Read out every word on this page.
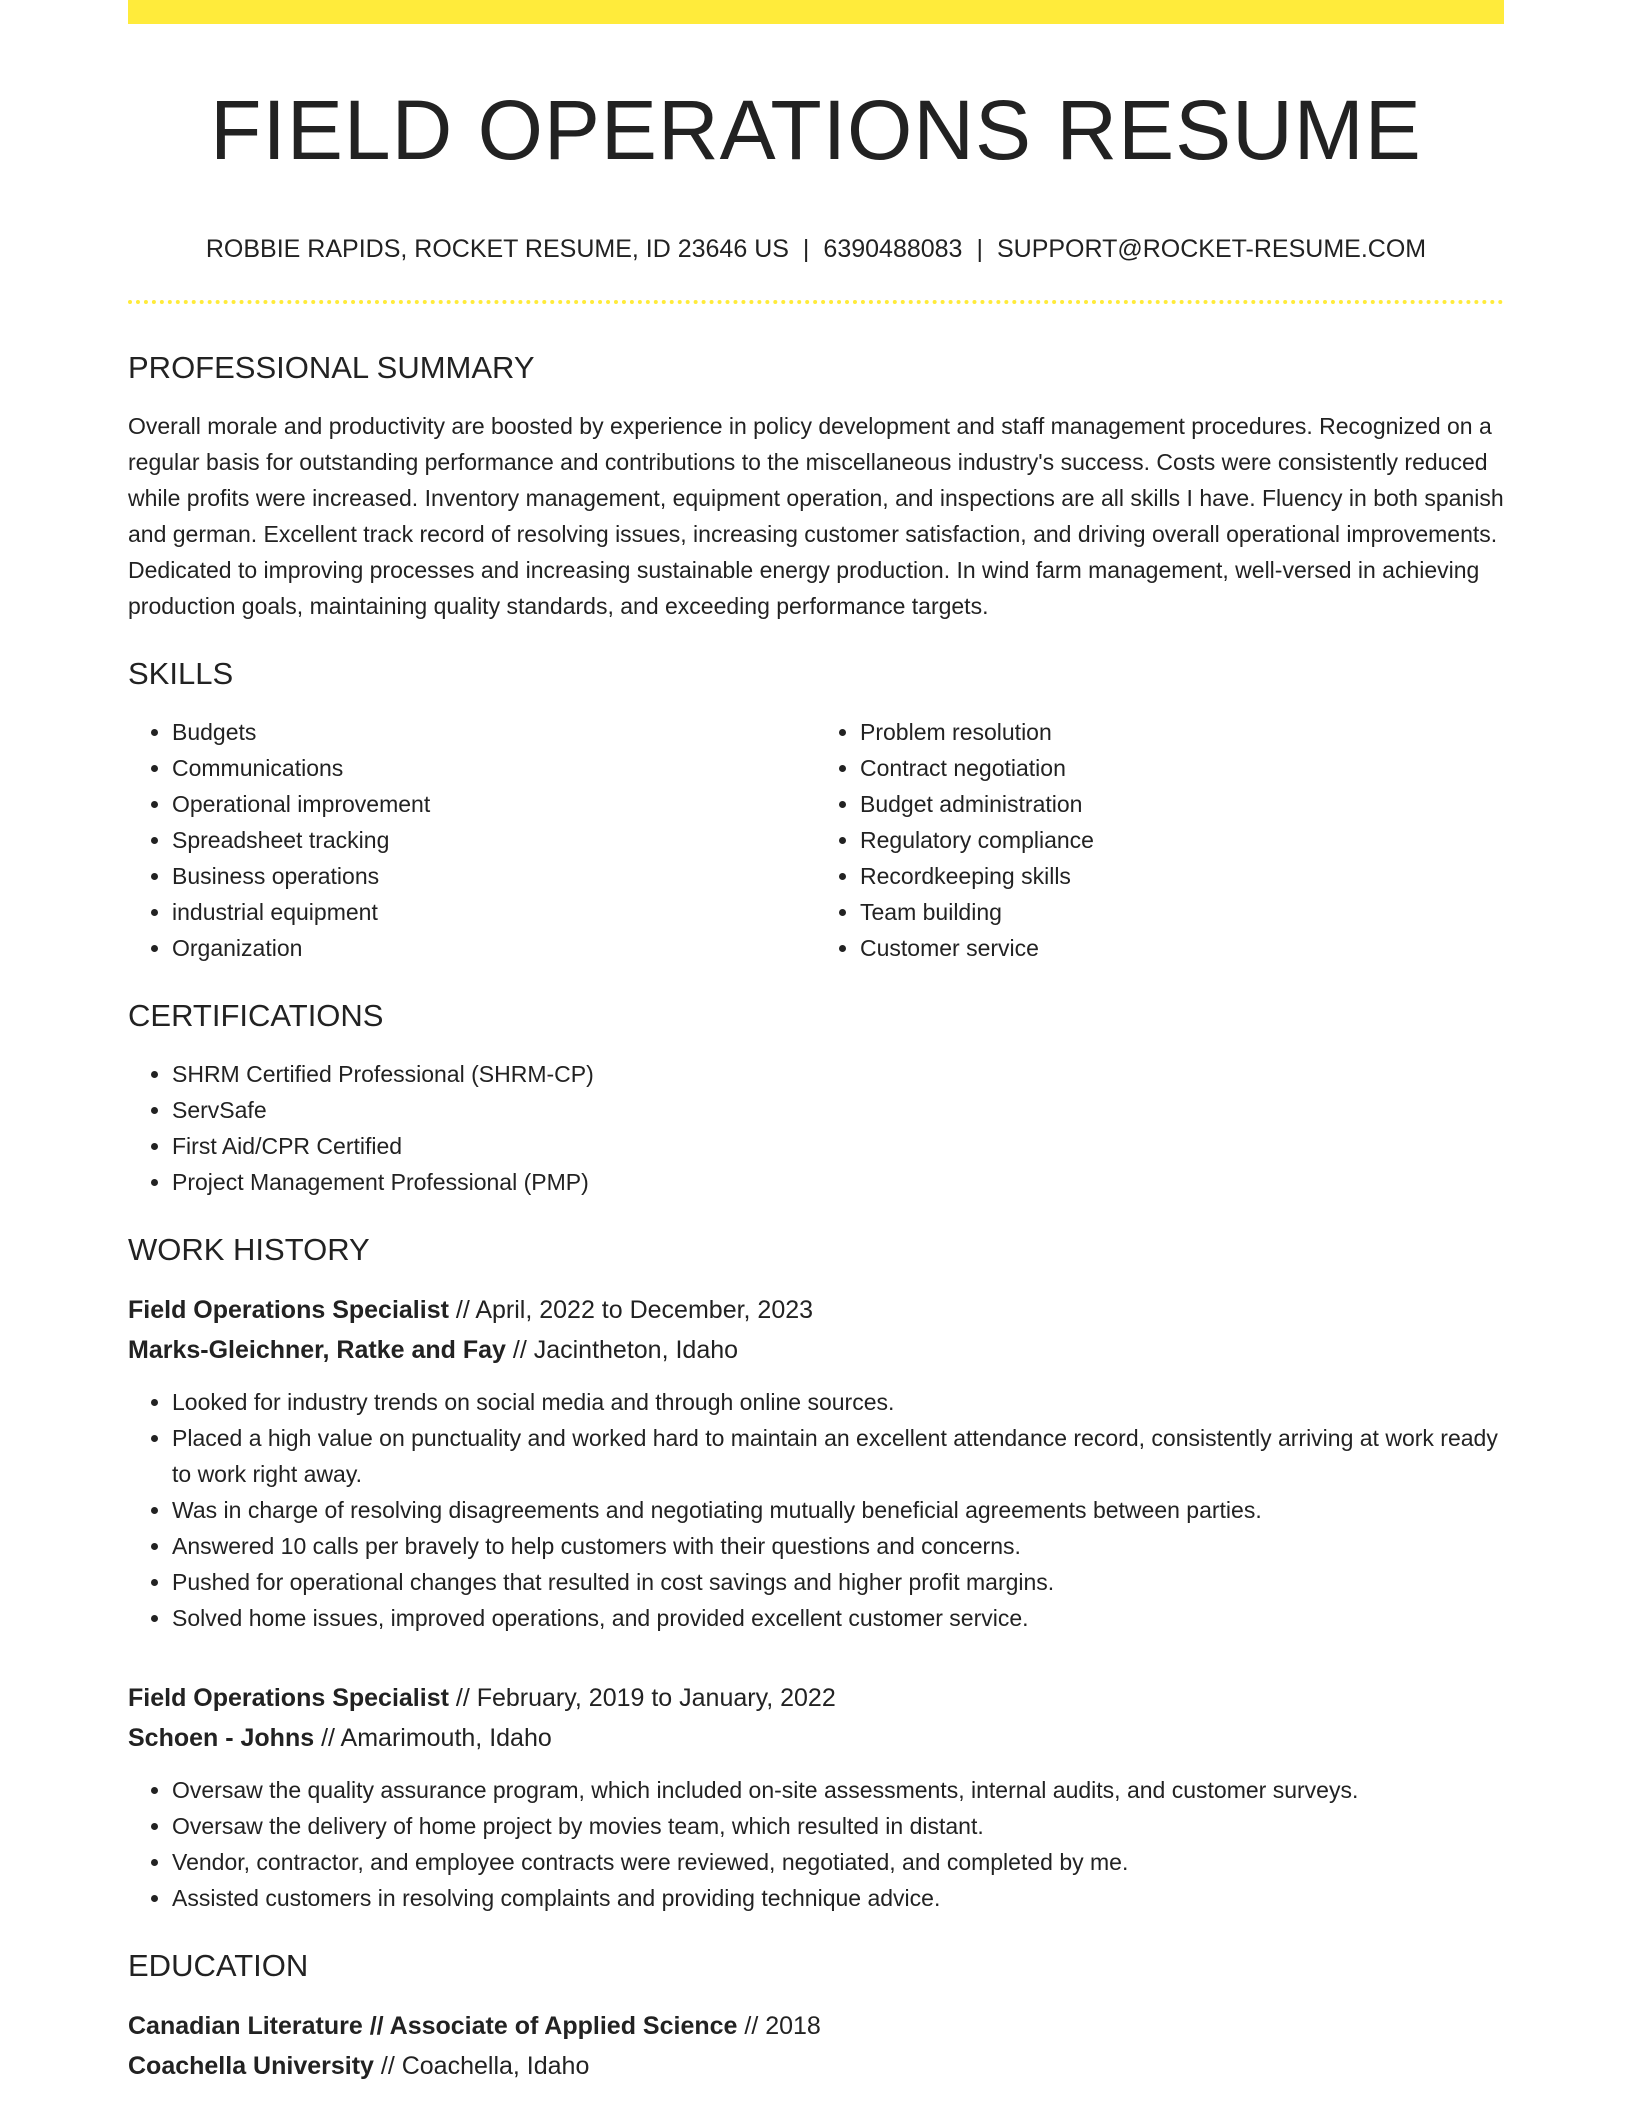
FIELD OPERATIONS RESUME
ROBBIE RAPIDS, ROCKET RESUME, ID 23646 US | 6390488083 | SUPPORT@ROCKET-RESUME.COM
PROFESSIONAL SUMMARY

Overall morale and productivity are boosted by experience in policy development and staff management procedures. Recognized on a regular basis for outstanding performance and contributions to the miscellaneous industry's success. Costs were consistently reduced while profits were increased. Inventory management, equipment operation, and inspections are all skills I have. Fluency in both spanish and german. Excellent track record of resolving issues, increasing customer satisfaction, and driving overall operational improvements. Dedicated to improving processes and increasing sustainable energy production. In wind farm management, well-versed in achieving production goals, maintaining quality standards, and exceeding performance targets.

SKILLS
• Budgets
• Communications
• Operational improvement
• Spreadsheet tracking
• Business operations
• industrial equipment
• Organization
• Problem resolution
• Contract negotiation
• Budget administration
• Regulatory compliance
• Recordkeeping skills
• Team building
• Customer service
CERTIFICATIONS
• SHRM Certified Professional (SHRM-CP)
• ServSafe
• First Aid/CPR Certified
• Project Management Professional (PMP)
WORK HISTORY
Field Operations Specialist // April, 2022 to December, 2023
Marks-Gleichner, Ratke and Fay // Jacintheton, Idaho
• Looked for industry trends on social media and through online sources.
• Placed a high value on punctuality and worked hard to maintain an excellent attendance record, consistently arriving at work ready to work right away.
• Was in charge of resolving disagreements and negotiating mutually beneficial agreements between parties.
• Answered 10 calls per bravely to help customers with their questions and concerns.
• Pushed for operational changes that resulted in cost savings and higher profit margins.
• Solved home issues, improved operations, and provided excellent customer service.
Field Operations Specialist // February, 2019 to January, 2022
Schoen - Johns // Amarimouth, Idaho
• Oversaw the quality assurance program, which included on-site assessments, internal audits, and customer surveys.
• Oversaw the delivery of home project by movies team, which resulted in distant.
• Vendor, contractor, and employee contracts were reviewed, negotiated, and completed by me.
• Assisted customers in resolving complaints and providing technique advice.
EDUCATION
Canadian Literature // Associate of Applied Science // 2018
Coachella University // Coachella, Idaho
